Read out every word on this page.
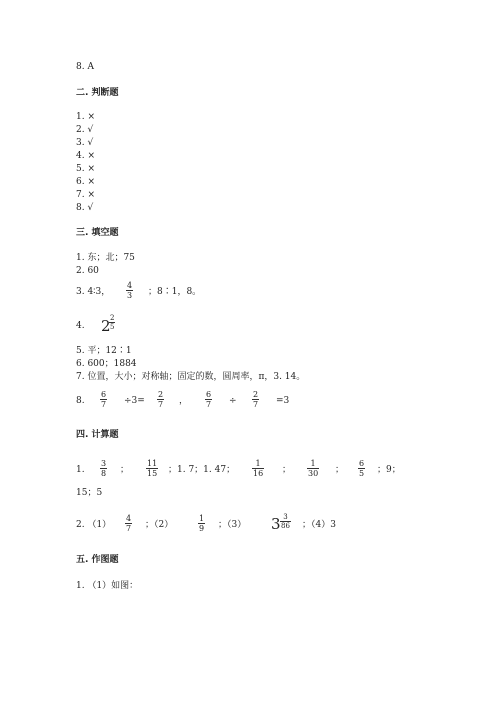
8. A
二. 判断题
1. ×
2. √
3. √
4. ×
5. ×
6. ×
7. ×
8. √
三. 填空题
1. 东；北；75
2. 60
3. 4∶3， $\frac{4}{3}$ ；8∶1，8。
4. 2
$\frac{2}{5}$
5. 平；12∶1
6. 600；1884
7. 位置，大小；对称轴；固定的数，圆周率，π，3. 14。
8. $\frac{6}{7} \div 3= \frac{2}{7}$ ， $\frac{6}{7} \div \frac{2}{7} =3$
四. 计算题
1. $\frac{3}{8}$ ； $\frac{11}{15}$ ；1. 7；1. 47； $\frac{1}{16}$ ； $\frac{1}{30}$ ； $\frac{6}{5}$ ；9；
15；5
2. $(1) \frac{4}{7}$ ；（2）	$\frac{1}{9}$ ；（3） $3 \frac{3}{86}$ ；（4）3
五. 作图题
1. （1）如图：
